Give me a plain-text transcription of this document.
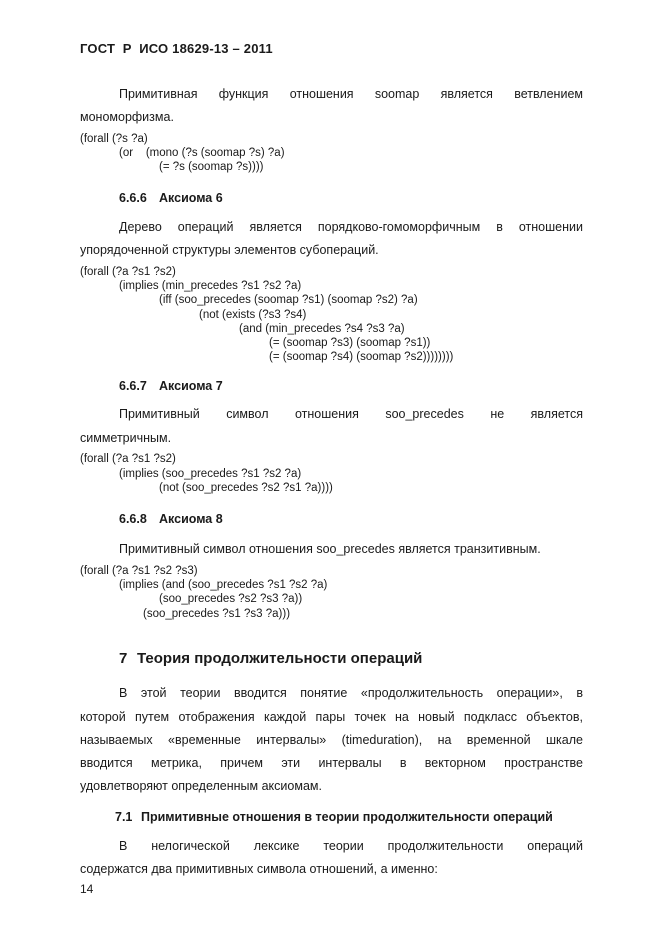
ГОСТ  Р  ИСО 18629-13 – 2011
Примитивная функция отношения soomap является ветвлением
мономорфизма.
(forall (?s ?a)
(or    (mono (?s (soomap ?s) ?a)
(= ?s (soomap ?s))))
6.6.6 Аксиома 6
Дерево операций является порядково-гомоморфичным в отношении
упорядоченной структуры элементов субопераций.
(forall (?a ?s1 ?s2)
(implies (min_precedes ?s1 ?s2 ?a)
(iff (soo_precedes (soomap ?s1) (soomap ?s2) ?a)
(not (exists (?s3 ?s4)
(and (min_precedes ?s4 ?s3 ?a)
(= (soomap ?s3) (soomap ?s1))
(= (soomap ?s4) (soomap ?s2))))))))
6.6.7 Аксиома 7
Примитивный символ отношения soo_precedes не является
симметричным.
(forall (?a ?s1 ?s2)
(implies (soo_precedes ?s1 ?s2 ?a)
(not (soo_precedes ?s2 ?s1 ?a))))
6.6.8 Аксиома 8
Примитивный символ отношения soo_precedes является транзитивным.
(forall (?a ?s1 ?s2 ?s3)
(implies (and (soo_precedes ?s1 ?s2 ?a)
(soo_precedes ?s2 ?s3 ?a))
(soo_precedes ?s1 ?s3 ?a)))
7 Теория продолжительности операций
В этой теории вводится понятие «продолжительность операции», в
которой путем отображения каждой пары точек на новый подкласс объектов,
называемых «временные интервалы» (timeduration), на временной шкале
вводится метрика, причем эти интервалы в векторном пространстве
удовлетворяют определенным аксиомам.
7.1 Примитивные отношения в теории продолжительности операций
В нелогической лексике теории продолжительности операций
содержатся два примитивных символа отношений, а именно:
14
